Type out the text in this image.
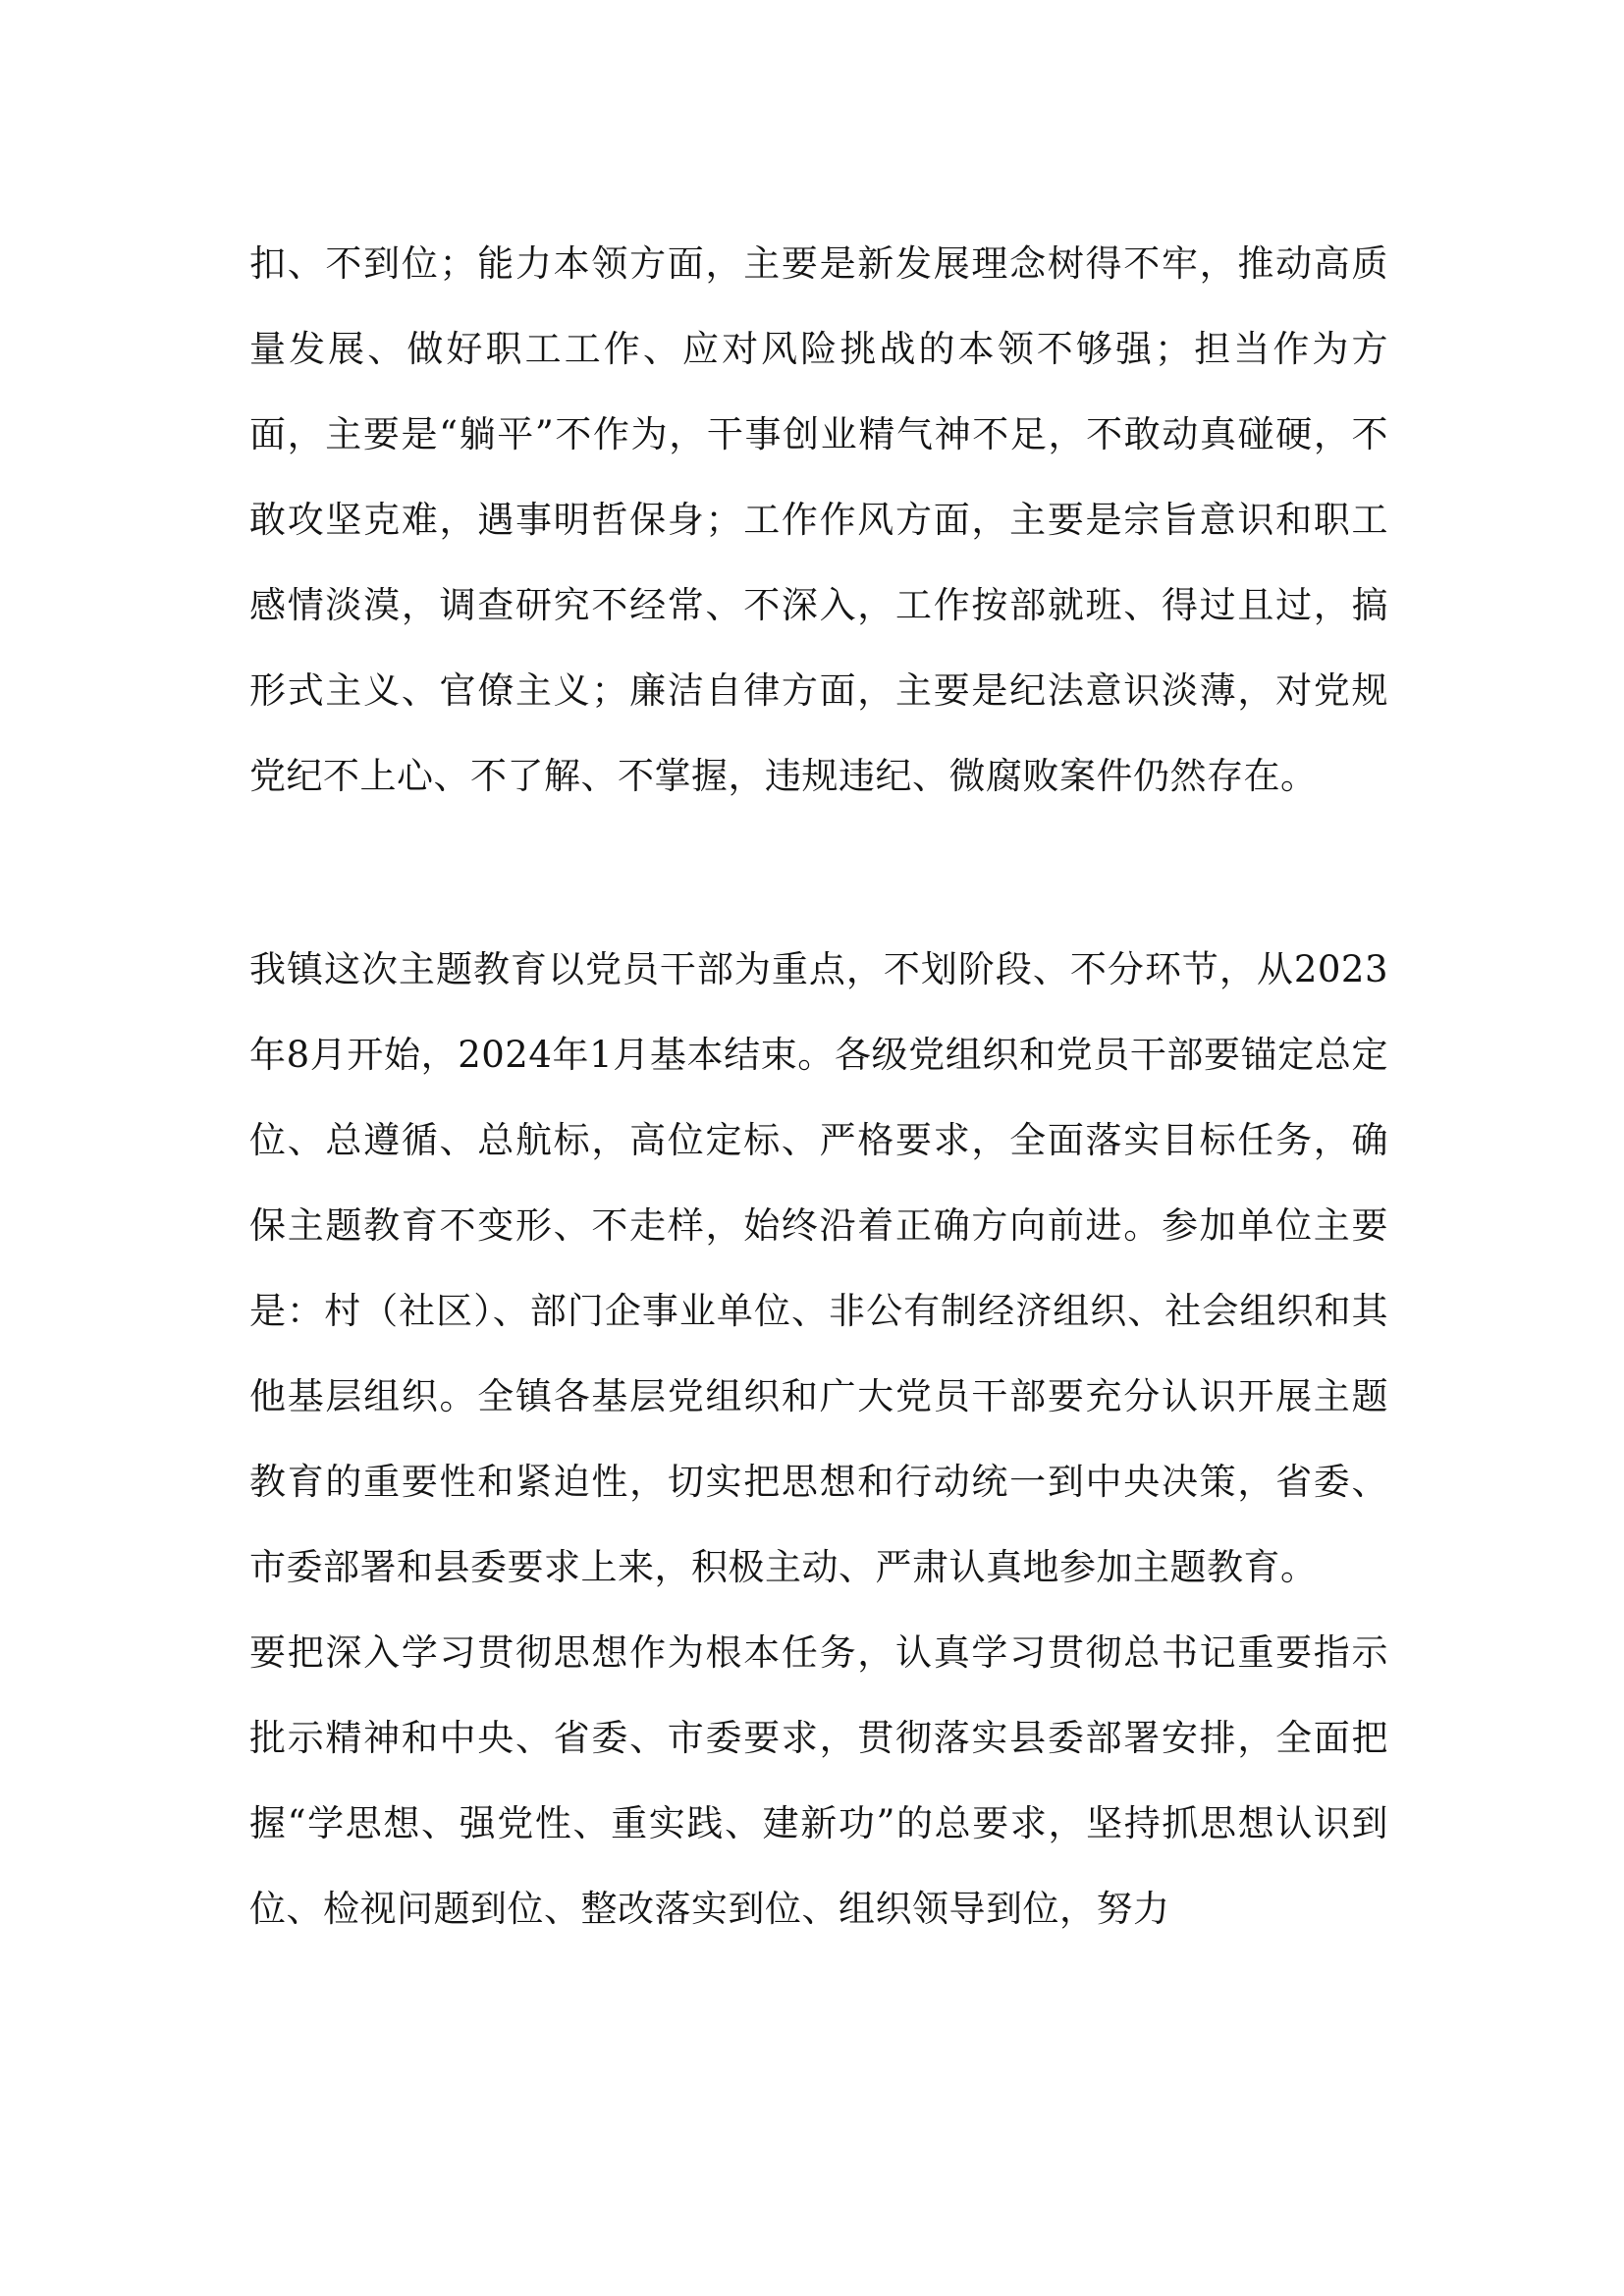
扣、不到位；能力本领方面，主要是新发展理念树得不牢，推动高质量发展、做好职工工作、应对风险挑战的本领不够强；担当作为方面，主要是“躺平”不作为，干事创业精气神不足，不敢动真碰硬，不敢攻坚克难，遇事明哲保身；工作作风方面，主要是宗旨意识和职工感情淡漠，调查研究不经常、不深入，工作按部就班、得过且过，搞形式主义、官僚主义；廉洁自律方面，主要是纪法意识淡薄，对党规党纪不上心、不了解、不掌握，违规违纪、微腐败案件仍然存在。

我镇这次主题教育以党员干部为重点，不划阶段、不分环节，从2023年8月开始，2024年1月基本结束。各级党组织和党员干部要锚定总定位、总遵循、总航标，高位定标、严格要求，全面落实目标任务，确保主题教育不变形、不走样，始终沿着正确方向前进。参加单位主要是：村（社区）、部门企事业单位、非公有制经济组织、社会组织和其他基层组织。全镇各基层党组织和广大党员干部要充分认识开展主题教育的重要性和紧迫性，切实把思想和行动统一到中央决策，省委、市委部署和县委要求上来，积极主动、严肃认真地参加主题教育。

要把深入学习贯彻思想作为根本任务，认真学习贯彻总书记重要指示批示精神和中央、省委、市委要求，贯彻落实县委部署安排，全面把握“学思想、强党性、重实践、建新功”的总要求，坚持抓思想认识到位、检视问题到位、整改落实到位、组织领导到位，努力
